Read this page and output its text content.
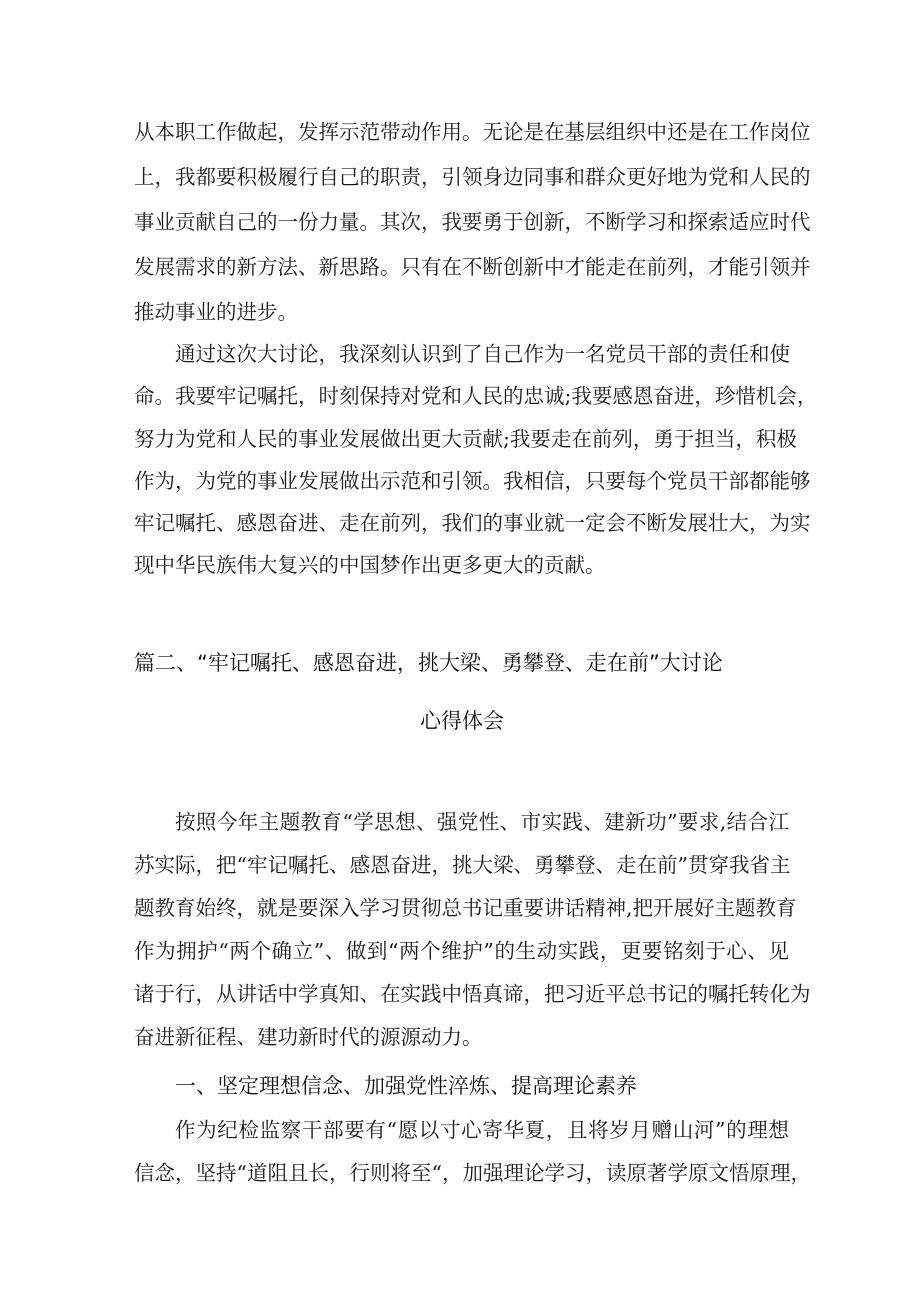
从本职工作做起，发挥示范带动作用。无论是在基层组织中还是在工作岗位
上，我都要积极履行自己的职责，引领身边同事和群众更好地为党和人民的
事业贡献自己的一份力量。其次，我要勇于创新，不断学习和探索适应时代
发展需求的新方法、新思路。只有在不断创新中才能走在前列，才能引领并
推动事业的进步。
通过这次大讨论，我深刻认识到了自己作为一名党员干部的责任和使
命。我要牢记嘱托，时刻保持对党和人民的忠诚;我要感恩奋进，珍惜机会，
努力为党和人民的事业发展做出更大贡献;我要走在前列，勇于担当，积极
作为，为党的事业发展做出示范和引领。我相信，只要每个党员干部都能够
牢记嘱托、感恩奋进、走在前列，我们的事业就一定会不断发展壮大，为实
现中华民族伟大复兴的中国梦作出更多更大的贡献。
篇二、“牢记嘱托、感恩奋进，挑大梁、勇攀登、走在前”大讨论
心得体会
按照今年主题教育“学思想、强党性、市实践、建新功”要求,结合江
苏实际，把“牢记嘱托、感恩奋进，挑大梁、勇攀登、走在前”贯穿我省主
题教育始终，就是要深入学习贯彻总书记重要讲话精神,把开展好主题教育
作为拥护“两个确立”、做到“两个维护”的生动实践，更要铭刻于心、见
诸于行，从讲话中学真知、在实践中悟真谛，把习近平总书记的嘱托转化为
奋进新征程、建功新时代的源源动力。
一、坚定理想信念、加强党性淬炼、提高理论素养
作为纪检监察干部要有“愿以寸心寄华夏，且将岁月赠山河”的理想
信念，坚持“道阻且长，行则将至“，加强理论学习，读原著学原文悟原理，
